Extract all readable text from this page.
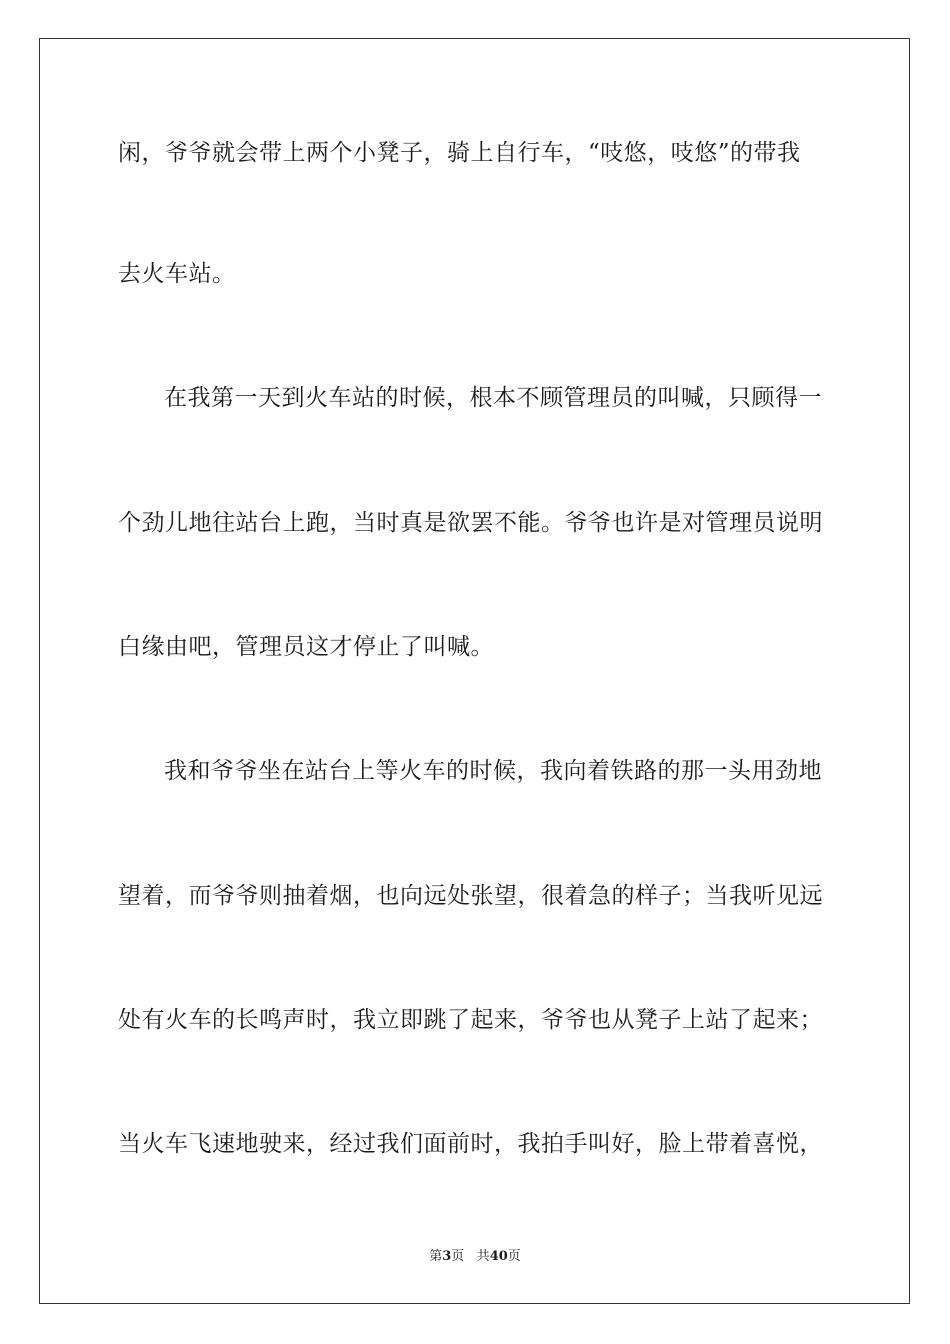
闲，爷爷就会带上两个小凳子，骑上自行车，“吱悠，吱悠”的带我
去火车站。
在我第一天到火车站的时候，根本不顾管理员的叫喊，只顾得一
个劲儿地往站台上跑，当时真是欲罢不能。爷爷也许是对管理员说明
白缘由吧，管理员这才停止了叫喊。
我和爷爷坐在站台上等火车的时候，我向着铁路的那一头用劲地
望着，而爷爷则抽着烟，也向远处张望，很着急的样子；当我听见远
处有火车的长鸣声时，我立即跳了起来，爷爷也从凳子上站了起来；
当火车飞速地驶来，经过我们面前时，我拍手叫好，脸上带着喜悦，
第3页 共40页
